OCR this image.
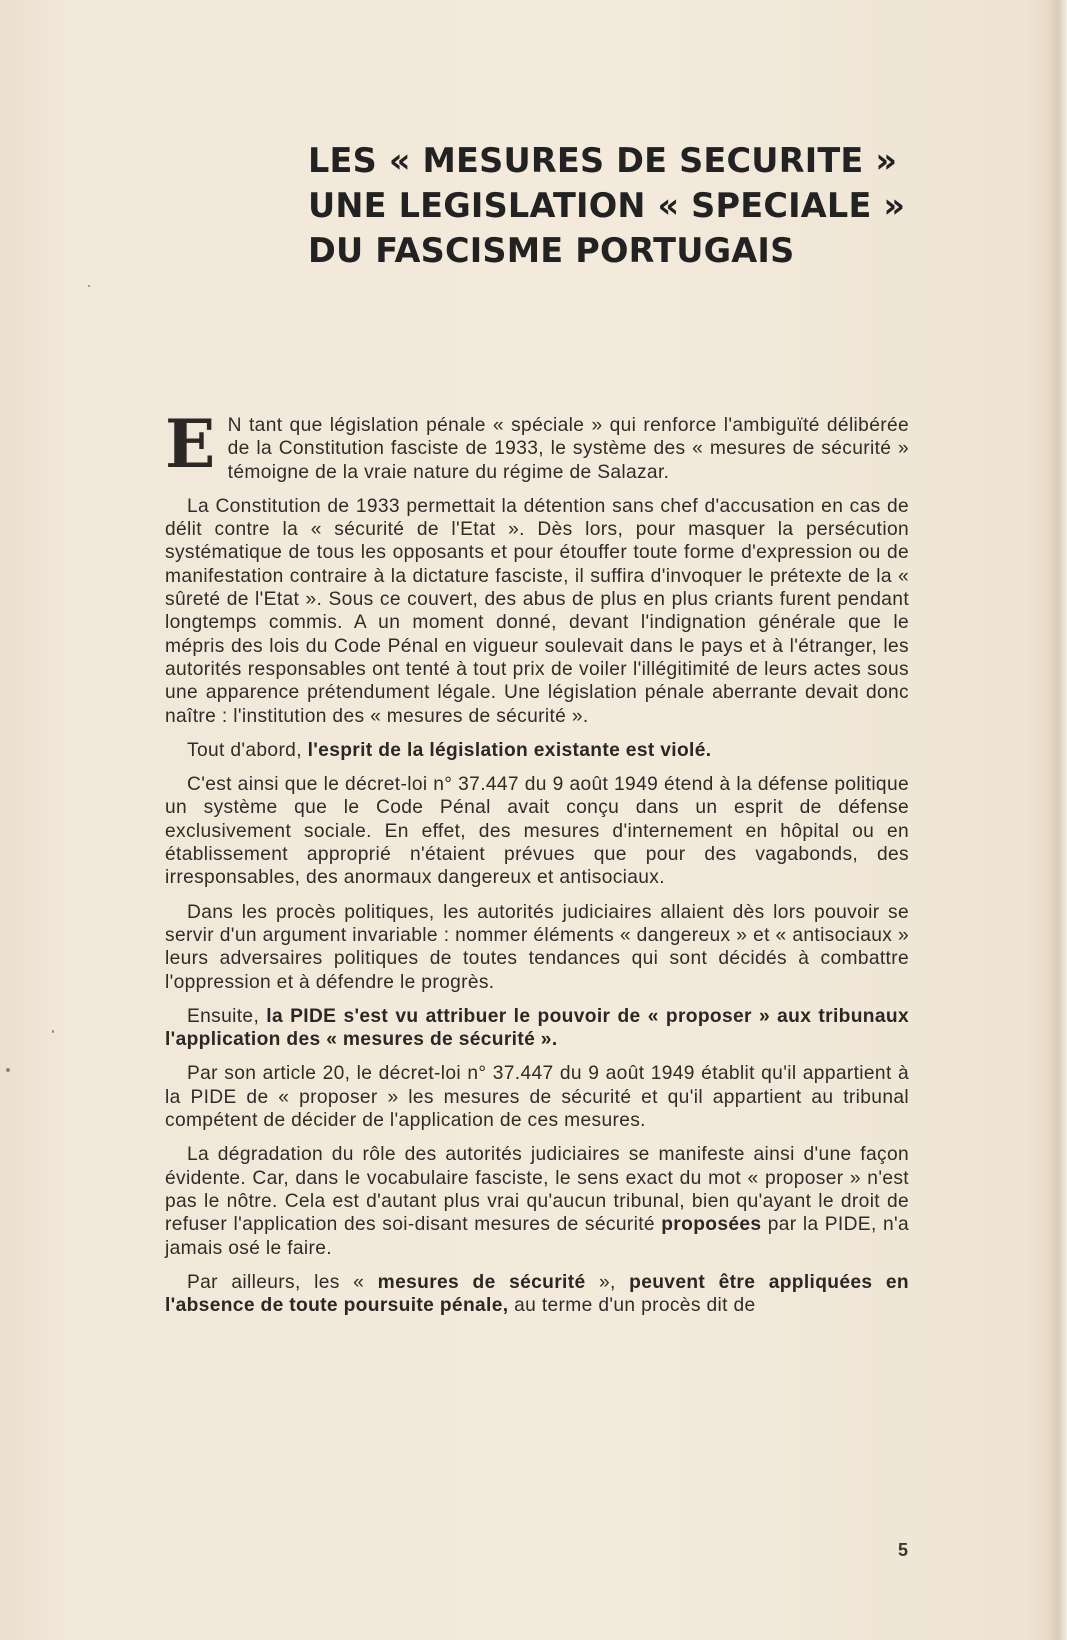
LES « MESURES DE SECURITE »
UNE LEGISLATION « SPECIALE »
DU FASCISME PORTUGAIS

E N tant que législation pénale « spéciale » qui renforce l'ambiguïté délibérée de la Constitution fasciste de 1933, le système des « mesures de sécurité » témoigne de la vraie nature du régime de Salazar.

La Constitution de 1933 permettait la détention sans chef d'accusation en cas de délit contre la « sécurité de l'Etat ». Dès lors, pour masquer la persécution systématique de tous les opposants et pour étouffer toute forme d'expression ou de manifestation contraire à la dictature fasciste, il suffira d'invoquer le prétexte de la « sûreté de l'Etat ». Sous ce couvert, des abus de plus en plus criants furent pendant longtemps commis. A un moment donné, devant l'indignation générale que le mépris des lois du Code Pénal en vigueur soulevait dans le pays et à l'étranger, les autorités responsables ont tenté à tout prix de voiler l'illégitimité de leurs actes sous une apparence prétendument légale. Une législation pénale aberrante devait donc naître : l'institution des « mesures de sécurité ».

Tout d'abord, l'esprit de la législation existante est violé.

C'est ainsi que le décret-loi n° 37.447 du 9 août 1949 étend à la défense politique un système que le Code Pénal avait conçu dans un esprit de défense exclusivement sociale. En effet, des mesures d'internement en hôpital ou en établissement approprié n'étaient prévues que pour des vagabonds, des irresponsables, des anormaux dangereux et antisociaux.

Dans les procès politiques, les autorités judiciaires allaient dès lors pouvoir se servir d'un argument invariable : nommer éléments « dangereux » et « antisociaux » leurs adversaires politiques de toutes tendances qui sont décidés à combattre l'oppression et à défendre le progrès.

Ensuite, la PIDE s'est vu attribuer le pouvoir de « proposer » aux tribunaux l'application des « mesures de sécurité ».

Par son article 20, le décret-loi n° 37.447 du 9 août 1949 établit qu'il appartient à la PIDE de « proposer » les mesures de sécurité et qu'il appartient au tribunal compétent de décider de l'application de ces mesures.

La dégradation du rôle des autorités judiciaires se manifeste ainsi d'une façon évidente. Car, dans le vocabulaire fasciste, le sens exact du mot « proposer » n'est pas le nôtre. Cela est d'autant plus vrai qu'aucun tribunal, bien qu'ayant le droit de refuser l'application des soi-disant mesures de sécurité proposées par la PIDE, n'a jamais osé le faire.

Par ailleurs, les « mesures de sécurité », peuvent être appliquées en l'absence de toute poursuite pénale, au terme d'un procès dit de

5
